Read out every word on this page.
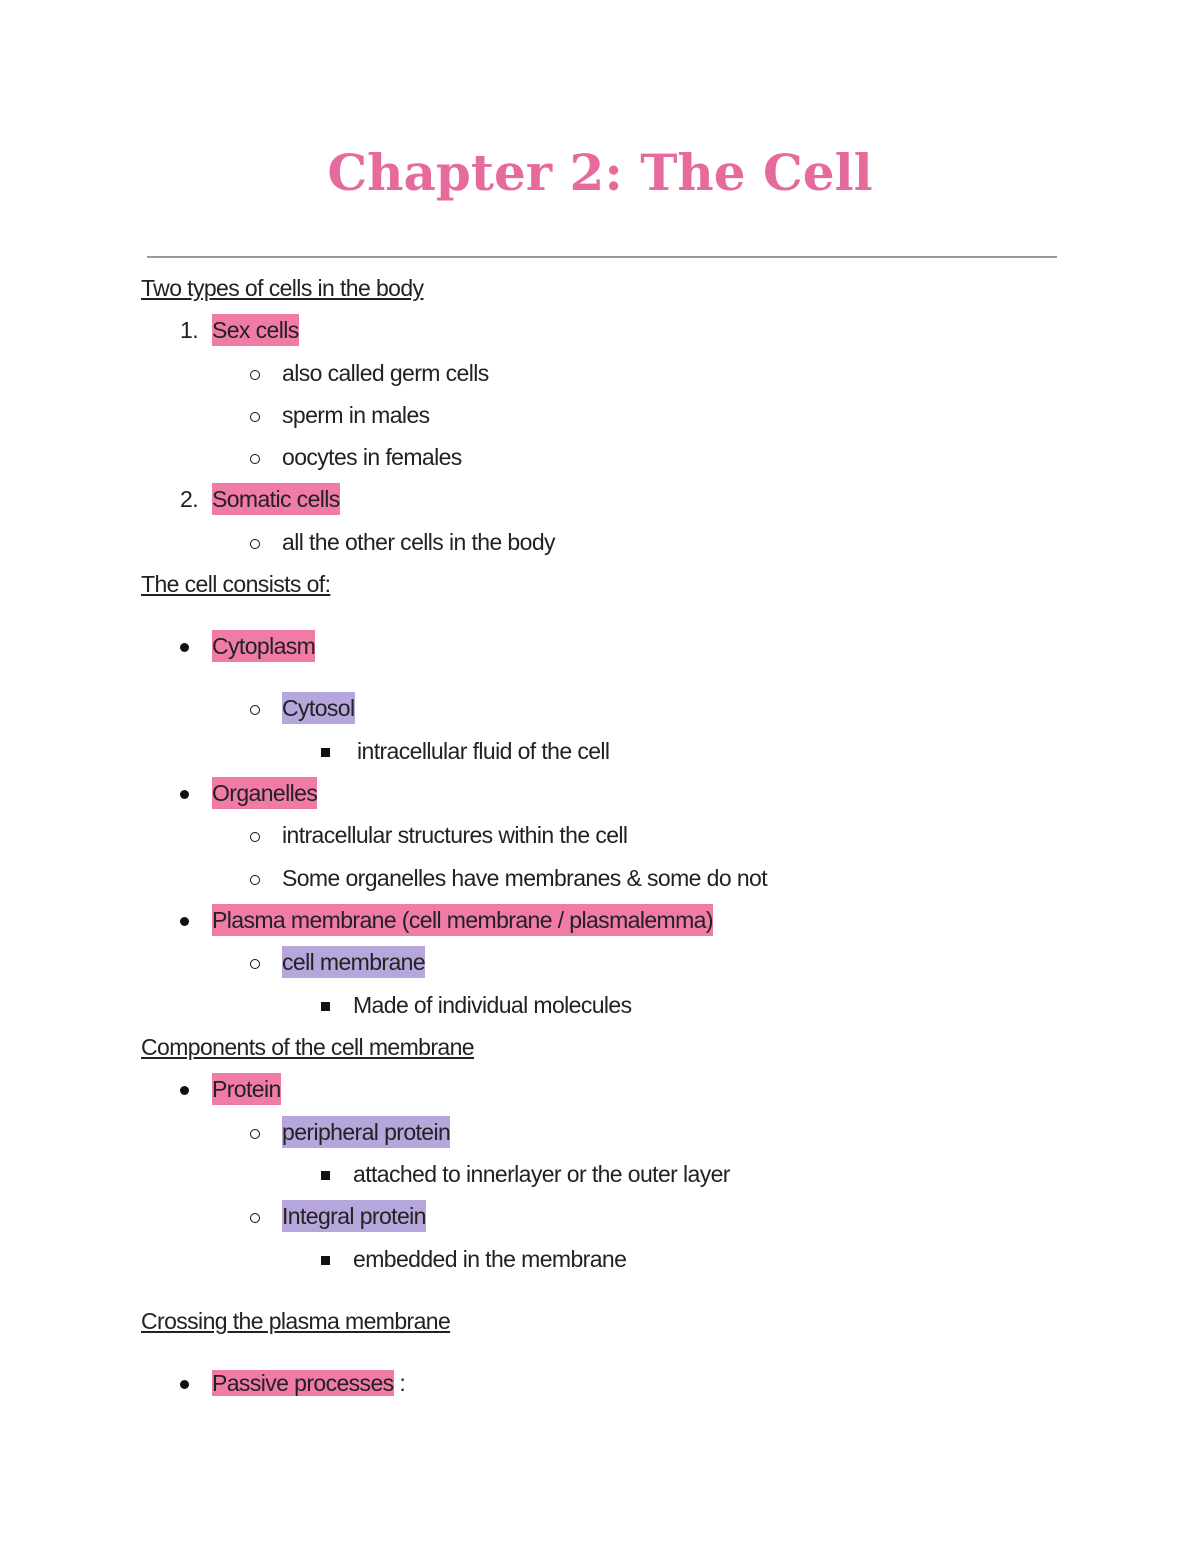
Chapter 2: The Cell
Two types of cells in the body
1. Sex cells
also called germ cells
sperm in males
oocytes in females
2. Somatic cells
all the other cells in the body
The cell consists of:
Cytoplasm
Cytosol
intracellular fluid of the cell
Organelles
intracellular structures within the cell
Some organelles have membranes & some do not
Plasma membrane (cell membrane / plasmalemma)
cell membrane
Made of individual molecules
Components of the cell membrane
Protein
peripheral protein
attached to innerlayer or the outer layer
Integral protein
embedded in the membrane
Crossing the plasma membrane
Passive processes :
